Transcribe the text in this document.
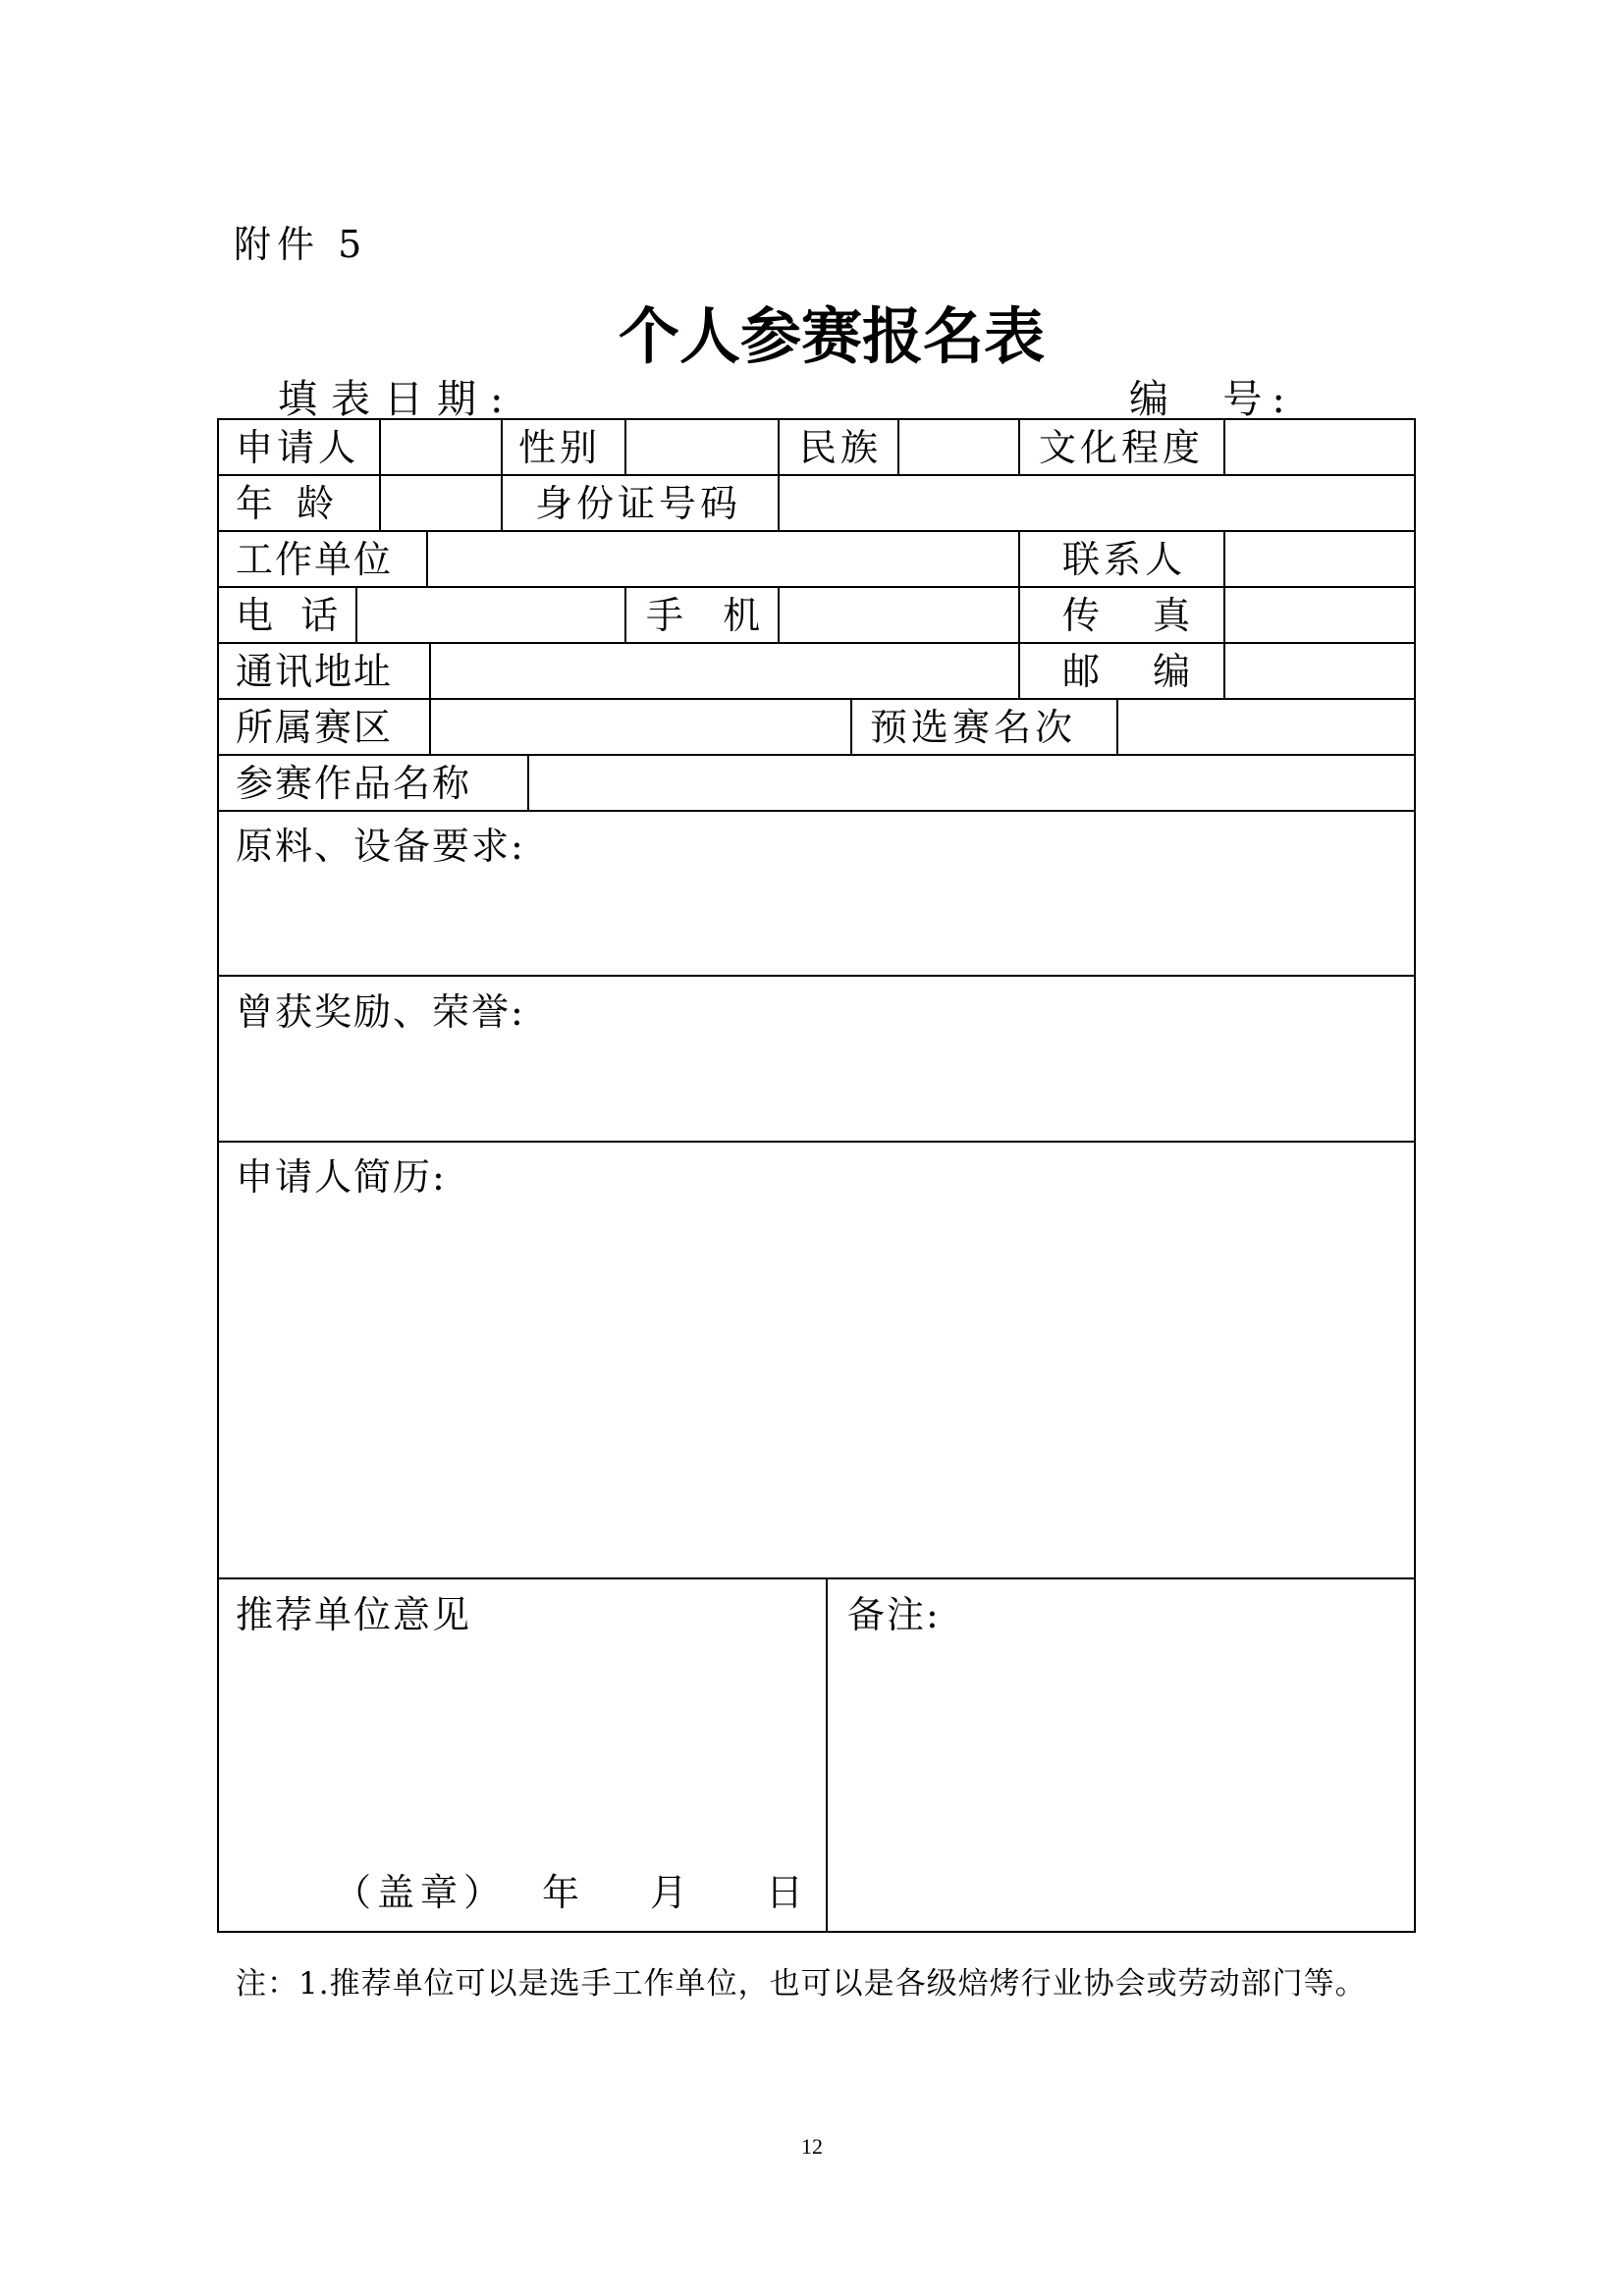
附件 5
个人参赛报名表
填表日期:	编  号:
申请人	性别	民族	文化程度
年  龄	身份证号码
工作单位	联系人
电 话	手 机	传  真
通讯地址	邮  编
所属赛区	预选赛名次
参赛作品名称
原料、设备要求:
曾获奖励、荣誉:
申请人简历:
推荐单位意见
（盖章） 年 月 日
备注:
注：1.推荐单位可以是选手工作单位，也可以是各级焙烤行业协会或劳动部门等。
12
